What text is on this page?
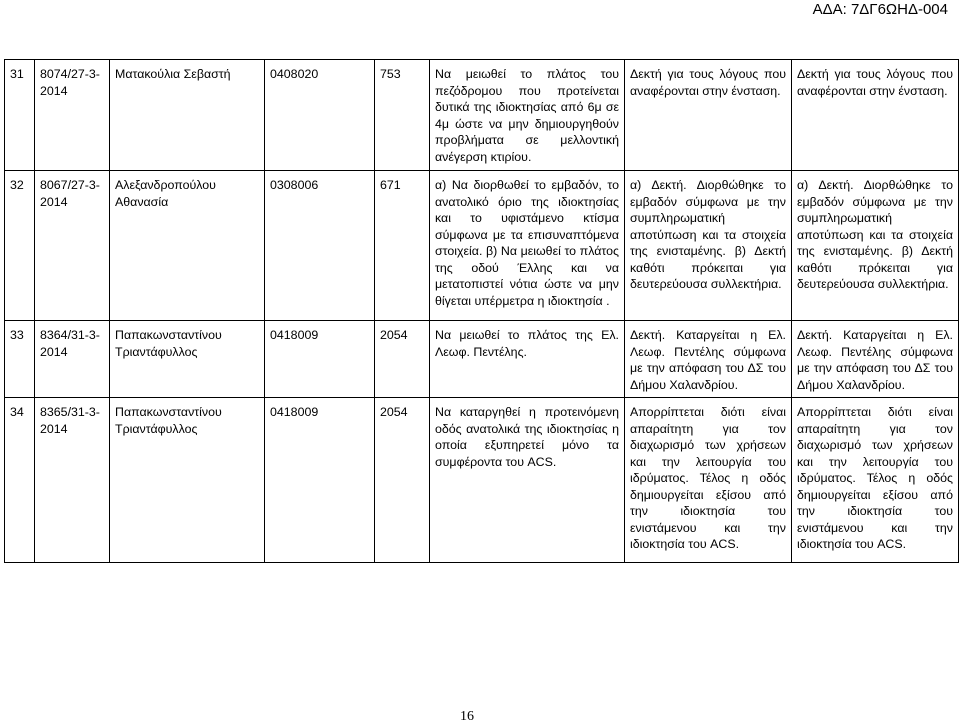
ΑΔΑ: 7ΔΓ6ΩΗΔ-004
31	8074/27-3-2014	Ματακούλια Σεβαστή	0408020	753	Να μειωθεί το πλάτος του πεζόδρομου που προτείνεται δυτικά της ιδιοκτησίας από 6μ σε 4μ ώστε να μην δημιουργηθούν προβλήματα σε μελλοντική ανέγερση κτιρίου.	Δεκτή για τους λόγους που αναφέρονται στην ένσταση.	Δεκτή για τους λόγους που αναφέρονται στην ένσταση.
32	8067/27-3-2014	Αλεξανδροπούλου Αθανασία	0308006	671	α) Να διορθωθεί το εμβαδόν, το ανατολικό όριο της ιδιοκτησίας και το υφιστάμενο κτίσμα σύμφωνα με τα επισυναπτόμενα στοιχεία. β) Να μειωθεί το πλάτος της οδού Έλλης και να μετατοπιστεί νότια ώστε να μην θίγεται υπέρμετρα η ιδιοκτησία .	α) Δεκτή. Διορθώθηκε το εμβαδόν σύμφωνα με την συμπληρωματική αποτύπωση και τα στοιχεία της ενισταμένης. β) Δεκτή καθότι πρόκειται για δευτερεύουσα συλλεκτήρια.	α) Δεκτή. Διορθώθηκε το εμβαδόν σύμφωνα με την συμπληρωματική αποτύπωση και τα στοιχεία της ενισταμένης. β) Δεκτή καθότι πρόκειται για δευτερεύουσα συλλεκτήρια.
33	8364/31-3-2014	Παπακωνσταντίνου Τριαντάφυλλος	0418009	2054	Να μειωθεί το πλάτος της Ελ. Λεωφ. Πεντέλης.	Δεκτή. Καταργείται η Ελ. Λεωφ. Πεντέλης σύμφωνα με την απόφαση του ΔΣ του Δήμου Χαλανδρίου.	Δεκτή. Καταργείται η Ελ. Λεωφ. Πεντέλης σύμφωνα με την απόφαση του ΔΣ του Δήμου Χαλανδρίου.
34	8365/31-3-2014	Παπακωνσταντίνου Τριαντάφυλλος	0418009	2054	Να καταργηθεί η προτεινόμενη οδός ανατολικά της ιδιοκτησίας η οποία εξυπηρετεί μόνο τα συμφέροντα του ACS.	Απορρίπτεται διότι είναι απαραίτητη για τον διαχωρισμό των χρήσεων και την λειτουργία του ιδρύματος. Τέλος η οδός δημιουργείται εξίσου από την ιδιοκτησία του ενιστάμενου και την ιδιοκτησία του ACS.	Απορρίπτεται διότι είναι απαραίτητη για τον διαχωρισμό των χρήσεων και την λειτουργία του ιδρύματος. Τέλος η οδός δημιουργείται εξίσου από την ιδιοκτησία του ενιστάμενου και την ιδιοκτησία του ACS.
16
